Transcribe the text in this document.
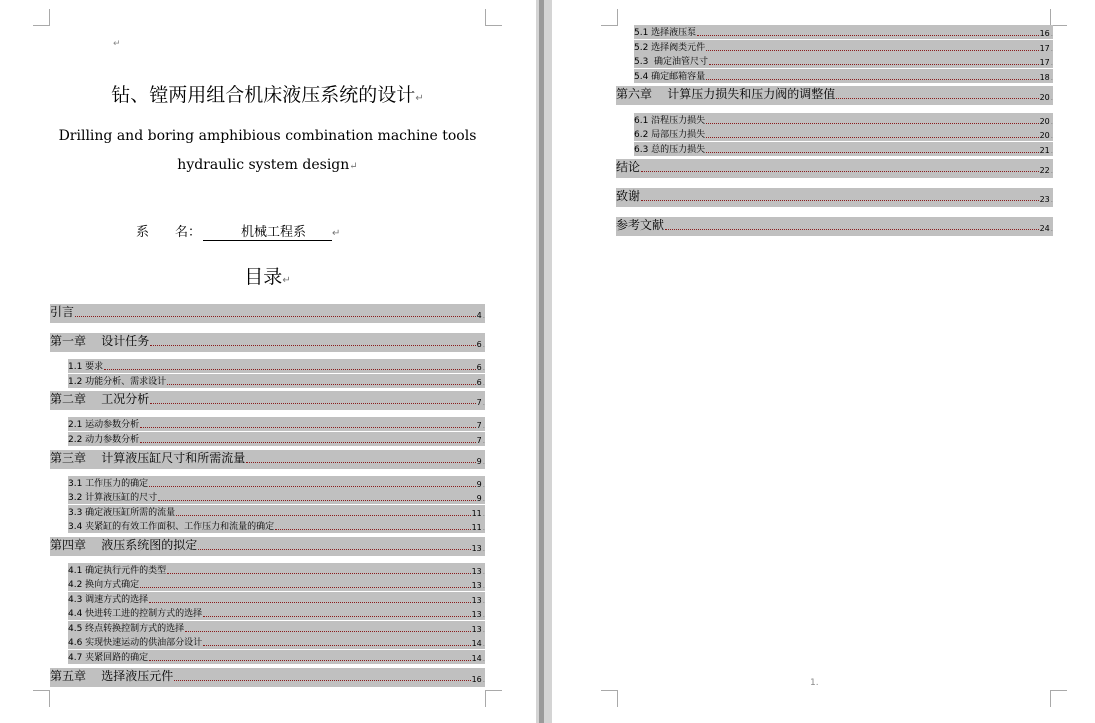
↵
钻、镗两用组合机床液压系统的设计↵
Drilling and boring amphibious combination machine tools hydraulic system design↵
系　　名：	机械工程系	↵
目录↵
引言	4 .
第一章    设计任务	6 .
1.1 要求	6 .
1.2 功能分析、需求设计	6 .
第二章    工况分析	7 .
2.1 运动参数分析	7 .
2.2 动力参数分析	7 .
第三章    计算液压缸尺寸和所需流量	9 .
3.1 工作压力的确定	9 .
3.2 计算液压缸的尺寸	9 .
3.3 确定液压缸所需的流量	11 .
3.4 夹紧缸的有效工作面积、工作压力和流量的确定	11 .
第四章    液压系统图的拟定	13 .
4.1 确定执行元件的类型	13 .
4.2 换向方式确定	13 .
4.3 调速方式的选择	13 .
4.4 快进转工进的控制方式的选择	13 .
4.5 终点转换控制方式的选择	13 .
4.6 实现快速运动的供油部分设计	14 .
4.7 夹紧回路的确定	14 .
第五章    选择液压元件	16 .	1.
5.1 选择液压泵	16 .
5.2 选择阀类元件	17 .
5.3  确定油管尺寸	17 .
5.4 确定邮箱容量	18 .
第六章    计算压力损失和压力阀的调整值	20 .
6.1 沿程压力损失	20 .
6.2 局部压力损失	20 .
6.3 总的压力损失	21 .
结论	22 .
致谢	23 .
参考文献	24 .
